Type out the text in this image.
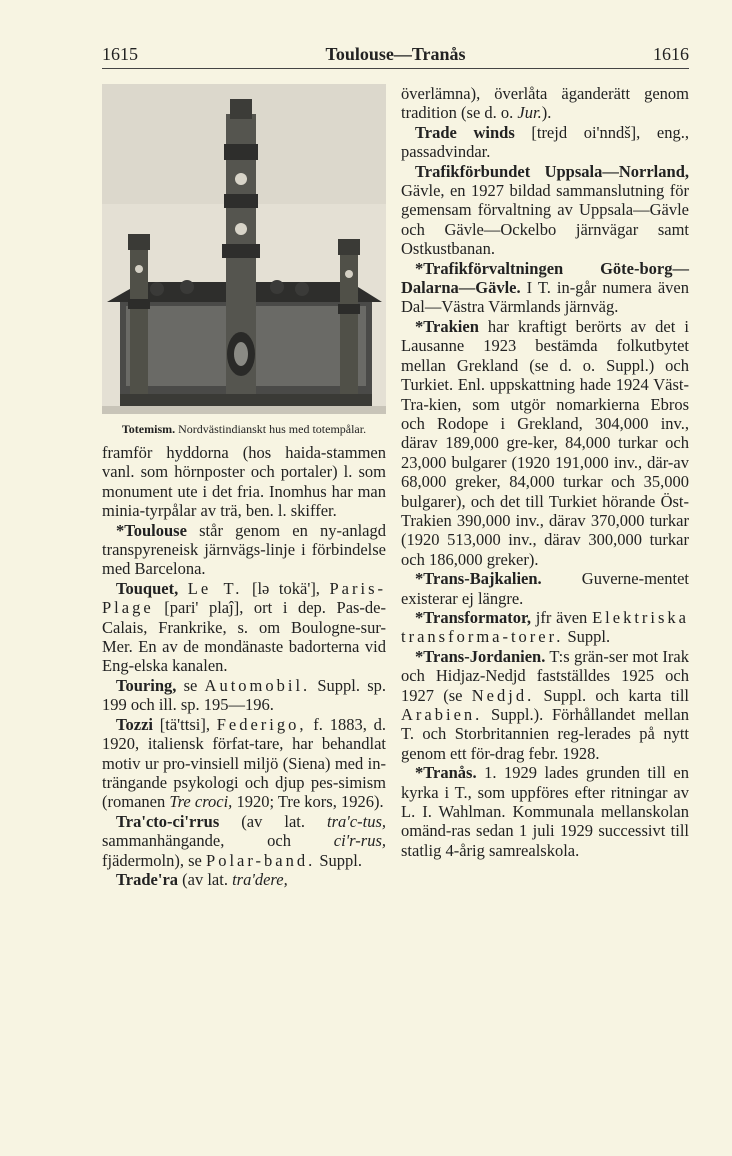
1615	Toulouse—Tranås	1616
Totemism. Nordvästindianskt hus med totempålar.

framför hyddorna (hos haida-stammen vanl. som hörnposter och portaler) l. som monument ute i det fria. Inomhus har man minia-tyrpålar av trä, ben. l. skiffer.

*Toulouse står genom en ny-anlagd transpyreneisk järnvägs-linje i förbindelse med Barcelona.

Touquet, Le T. [lə tokä'], Paris-Plage [pari' plaĵ], ort i dep. Pas-de-Calais, Frankrike, s. om Boulogne-sur-Mer. En av de mondänaste badorterna vid Eng-elska kanalen.

Touring, se Automobil. Suppl. sp. 199 och ill. sp. 195—196.

Tozzi [tä'ttsi], Federigo, f. 1883, d. 1920, italiensk förfat-tare, har behandlat motiv ur pro-vinsiell miljö (Siena) med in-trängande psykologi och djup pes-simism (romanen Tre croci, 1920; Tre kors, 1926).

Tra'cto-ci'rrus (av lat. tra'c-tus, sammanhängande, och ci'r-rus, fjädermoln), se Polar-band. Suppl.

Trade'ra (av lat. tra'dere,

överlämna), överlåta äganderätt genom tradition (se d. o. Jur.).

Trade winds [trejd oi'nndš], eng., passadvindar.

Trafikförbundet Uppsala—Norrland, Gävle, en 1927 bildad sammanslutning för gemensam förvaltning av Uppsala—Gävle och Gävle—Ockelbo järnvägar samt Ostkustbanan.

*Trafikförvaltningen Göte-borg—Dalarna—Gävle. I T. in-går numera även Dal—Västra Värmlands järnväg.

*Trakien har kraftigt berörts av det i Lausanne 1923 bestämda folkutbytet mellan Grekland (se d. o. Suppl.) och Turkiet. Enl. uppskattning hade 1924 Väst-Tra-kien, som utgör nomarkierna Ebros och Rodope i Grekland, 304,000 inv., därav 189,000 gre-ker, 84,000 turkar och 23,000 bulgarer (1920 191,000 inv., där-av 68,000 greker, 84,000 turkar och 35,000 bulgarer), och det till Turkiet hörande Öst-Trakien 390,000 inv., därav 370,000 turkar (1920 513,000 inv., därav 300,000 turkar och 186,000 greker).

*Trans-Bajkalien. Guverne-mentet existerar ej längre.

*Transformator, jfr även Elektriska transforma-torer. Suppl.

*Trans-Jordanien. T:s grän-ser mot Irak och Hidjaz-Nedjd fastställdes 1925 och 1927 (se Nedjd. Suppl. och karta till Arabien. Suppl.). Förhållandet mellan T. och Storbritannien reg-lerades på nytt genom ett för-drag febr. 1928.

*Tranås. 1. 1929 lades grunden till en kyrka i T., som uppföres efter ritningar av L. I. Wahlman. Kommunala mellanskolan omänd-ras sedan 1 juli 1929 successivt till statlig 4-årig samrealskola.
